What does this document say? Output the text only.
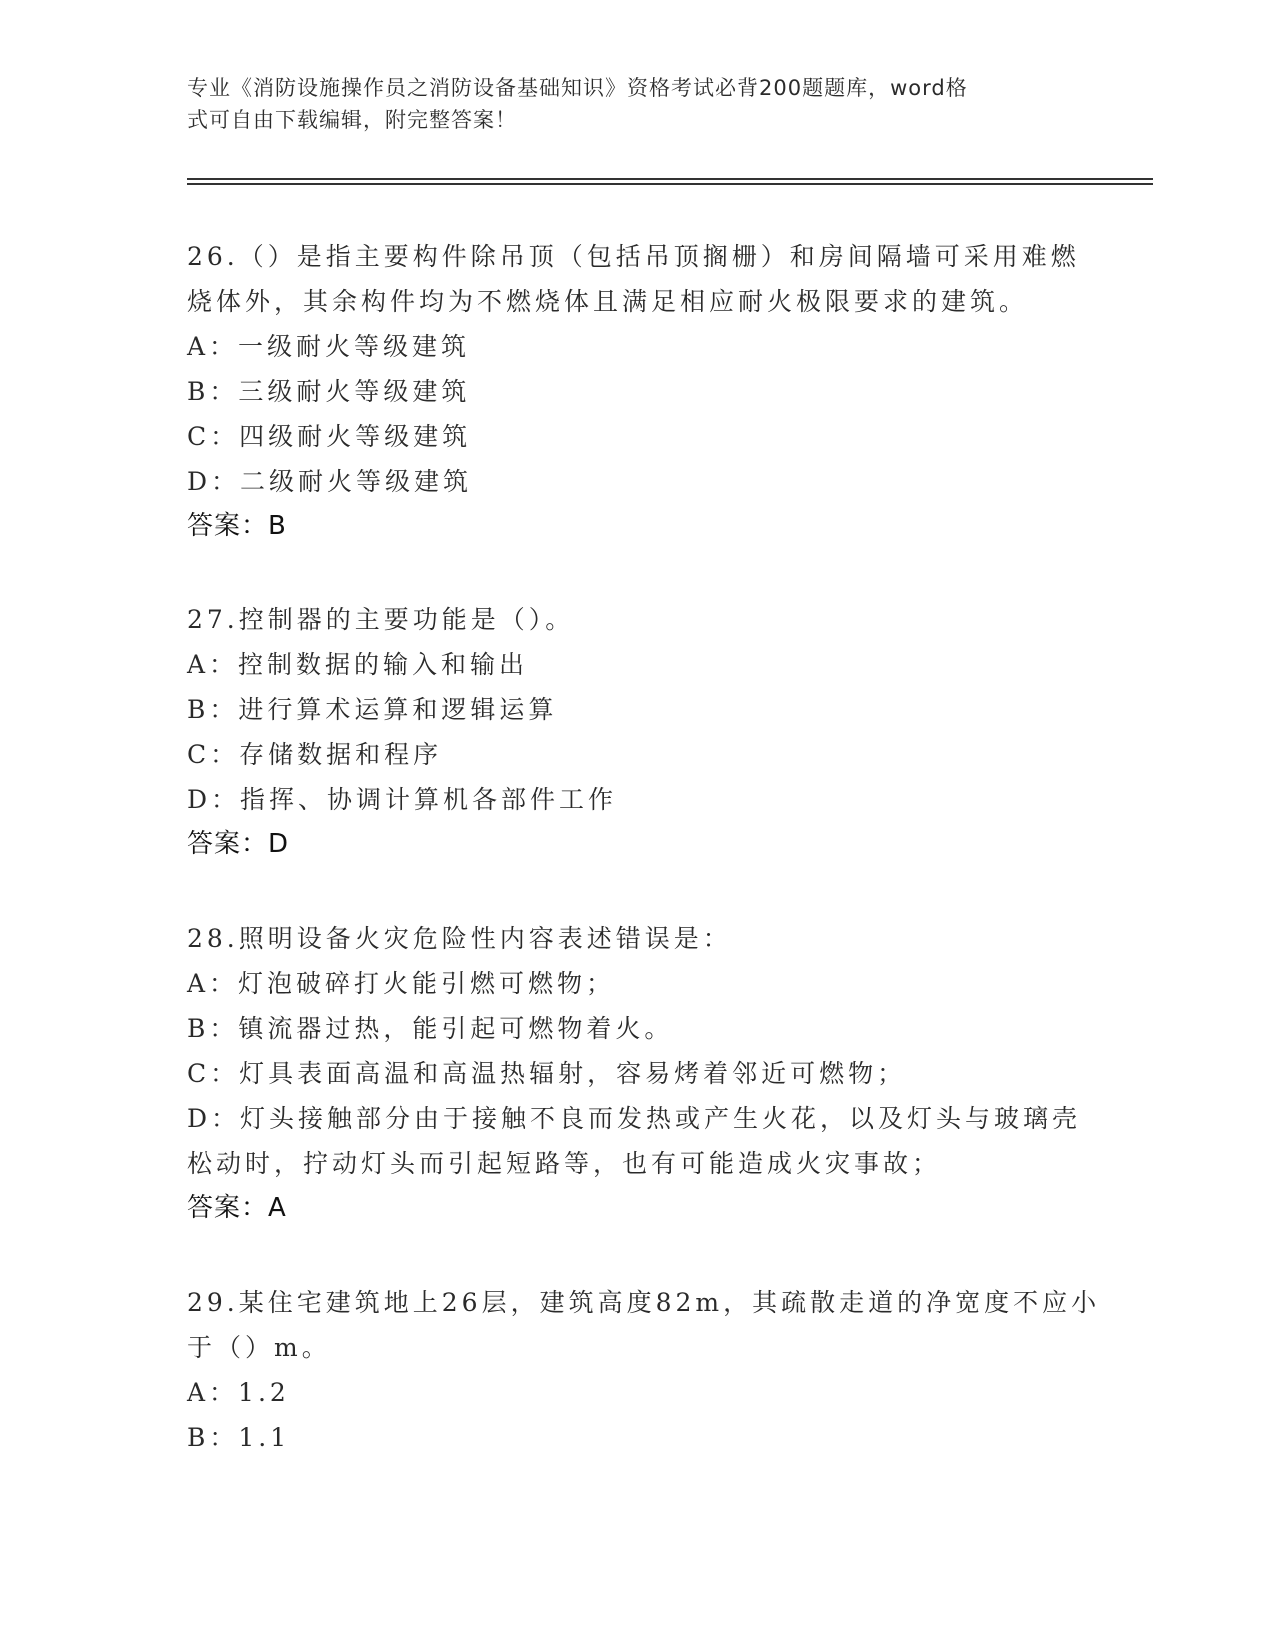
专业《消防设施操作员之消防设备基础知识》资格考试必背200题题库，word格
式可自由下载编辑，附完整答案！
26.（）是指主要构件除吊顶（包括吊顶搁栅）和房间隔墙可采用难燃
烧体外，其余构件均为不燃烧体且满足相应耐火极限要求的建筑。
A：一级耐火等级建筑
B：三级耐火等级建筑
C：四级耐火等级建筑
D：二级耐火等级建筑
答案：B
27.控制器的主要功能是（）。
A：控制数据的输入和输出
B：进行算术运算和逻辑运算
C：存储数据和程序
D：指挥、协调计算机各部件工作
答案：D
28.照明设备火灾危险性内容表述错误是：
A：灯泡破碎打火能引燃可燃物；
B：镇流器过热，能引起可燃物着火。
C：灯具表面高温和高温热辐射，容易烤着邻近可燃物；
D：灯头接触部分由于接触不良而发热或产生火花，以及灯头与玻璃壳
松动时，拧动灯头而引起短路等，也有可能造成火灾事故；
答案：A
29.某住宅建筑地上26层，建筑高度82m，其疏散走道的净宽度不应小
于（）m。
A：1.2
B：1.1
